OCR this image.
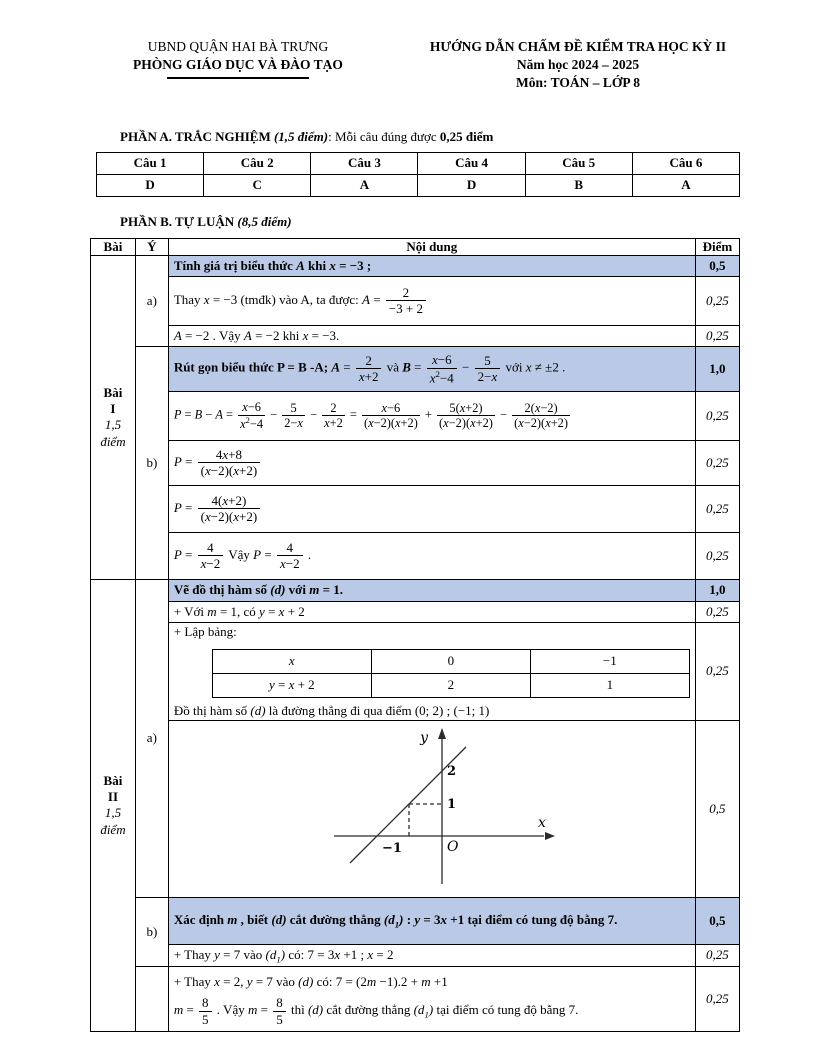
UBND QUẬN HAI BÀ TRƯNG
PHÒNG GIÁO DỤC VÀ ĐÀO TẠO
HƯỚNG DẪN CHẤM ĐỀ KIỂM TRA HỌC KỲ II
Năm học 2024 – 2025
Môn: TOÁN – LỚP 8

PHẦN A. TRẮC NGHIỆM (1,5 điểm): Mỗi câu đúng được 0,25 điểm

Câu 1	Câu 2	Câu 3	Câu 4	Câu 5	Câu 6
D	C	A	D	B	A

PHẦN B. TỰ LUẬN (8,5 điểm)

Bài	Ý	Nội dung	Điểm
Bài
I
1,5
điểm	a)	Tính giá trị biểu thức A khi x = −3 ;	0,5
Thay x = −3 (tmđk) vào A, ta được: $A = \frac{2}{-3 + 2}$	0,25
A = −2 . Vậy A = −2 khi x = −3.	0,25
b)	Rút gọn biểu thức P = B -A; $A = \frac{2}{x+2}$ và $B = \frac{x-6}{x^2-4} - \frac{5}{2-x}$ với x ≠ ±2 .	1,0
$P = B - A = \frac{x-6}{x^2-4} - \frac{5}{2-x} - \frac{2}{x+2} = \frac{x-6}{(x-2)(x+2)} + \frac{5(x+2)}{(x-2)(x+2)} - \frac{2(x-2)}{(x-2)(x+2)}$	0,25
$P = \frac{4x+8}{(x-2)(x+2)}$	0,25
$P = \frac{4(x+2)}{(x-2)(x+2)}$	0,25
$P = \frac{4}{x-2}$ Vậy $P = \frac{4}{x-2}$ .	0,25
Bài
II
1,5
điểm	a)	Vẽ đồ thị hàm số (d) với m = 1.	1,0
+ Với m = 1, có y = x + 2	0,25

+ Lập bảng:
x	0	−1
y = x + 2	2	1
Đồ thị hàm số (d) là đường thẳng đi qua điểm (0; 2) ; (−1; 1)
	0,25

y
x
O
2
1
−1
	0,5
b)	Xác định m , biết (d) cắt đường thẳng $(d_1)$ : y = 3x +1 tại điểm có tung độ bằng 7.	0,5
+ Thay y = 7 vào $(d_1)$ có: 7 = 3x +1 ; x = 2	0,25
	+ Thay x = 2, y = 7 vào (d) có: 7 = (2m −1).2 + m +1
$m = \frac{8}{5}$ . Vậy $m = \frac{8}{5}$ thì (d) cắt đường thẳng $(d_1)$ tại điểm có tung độ bằng 7.	0,25
